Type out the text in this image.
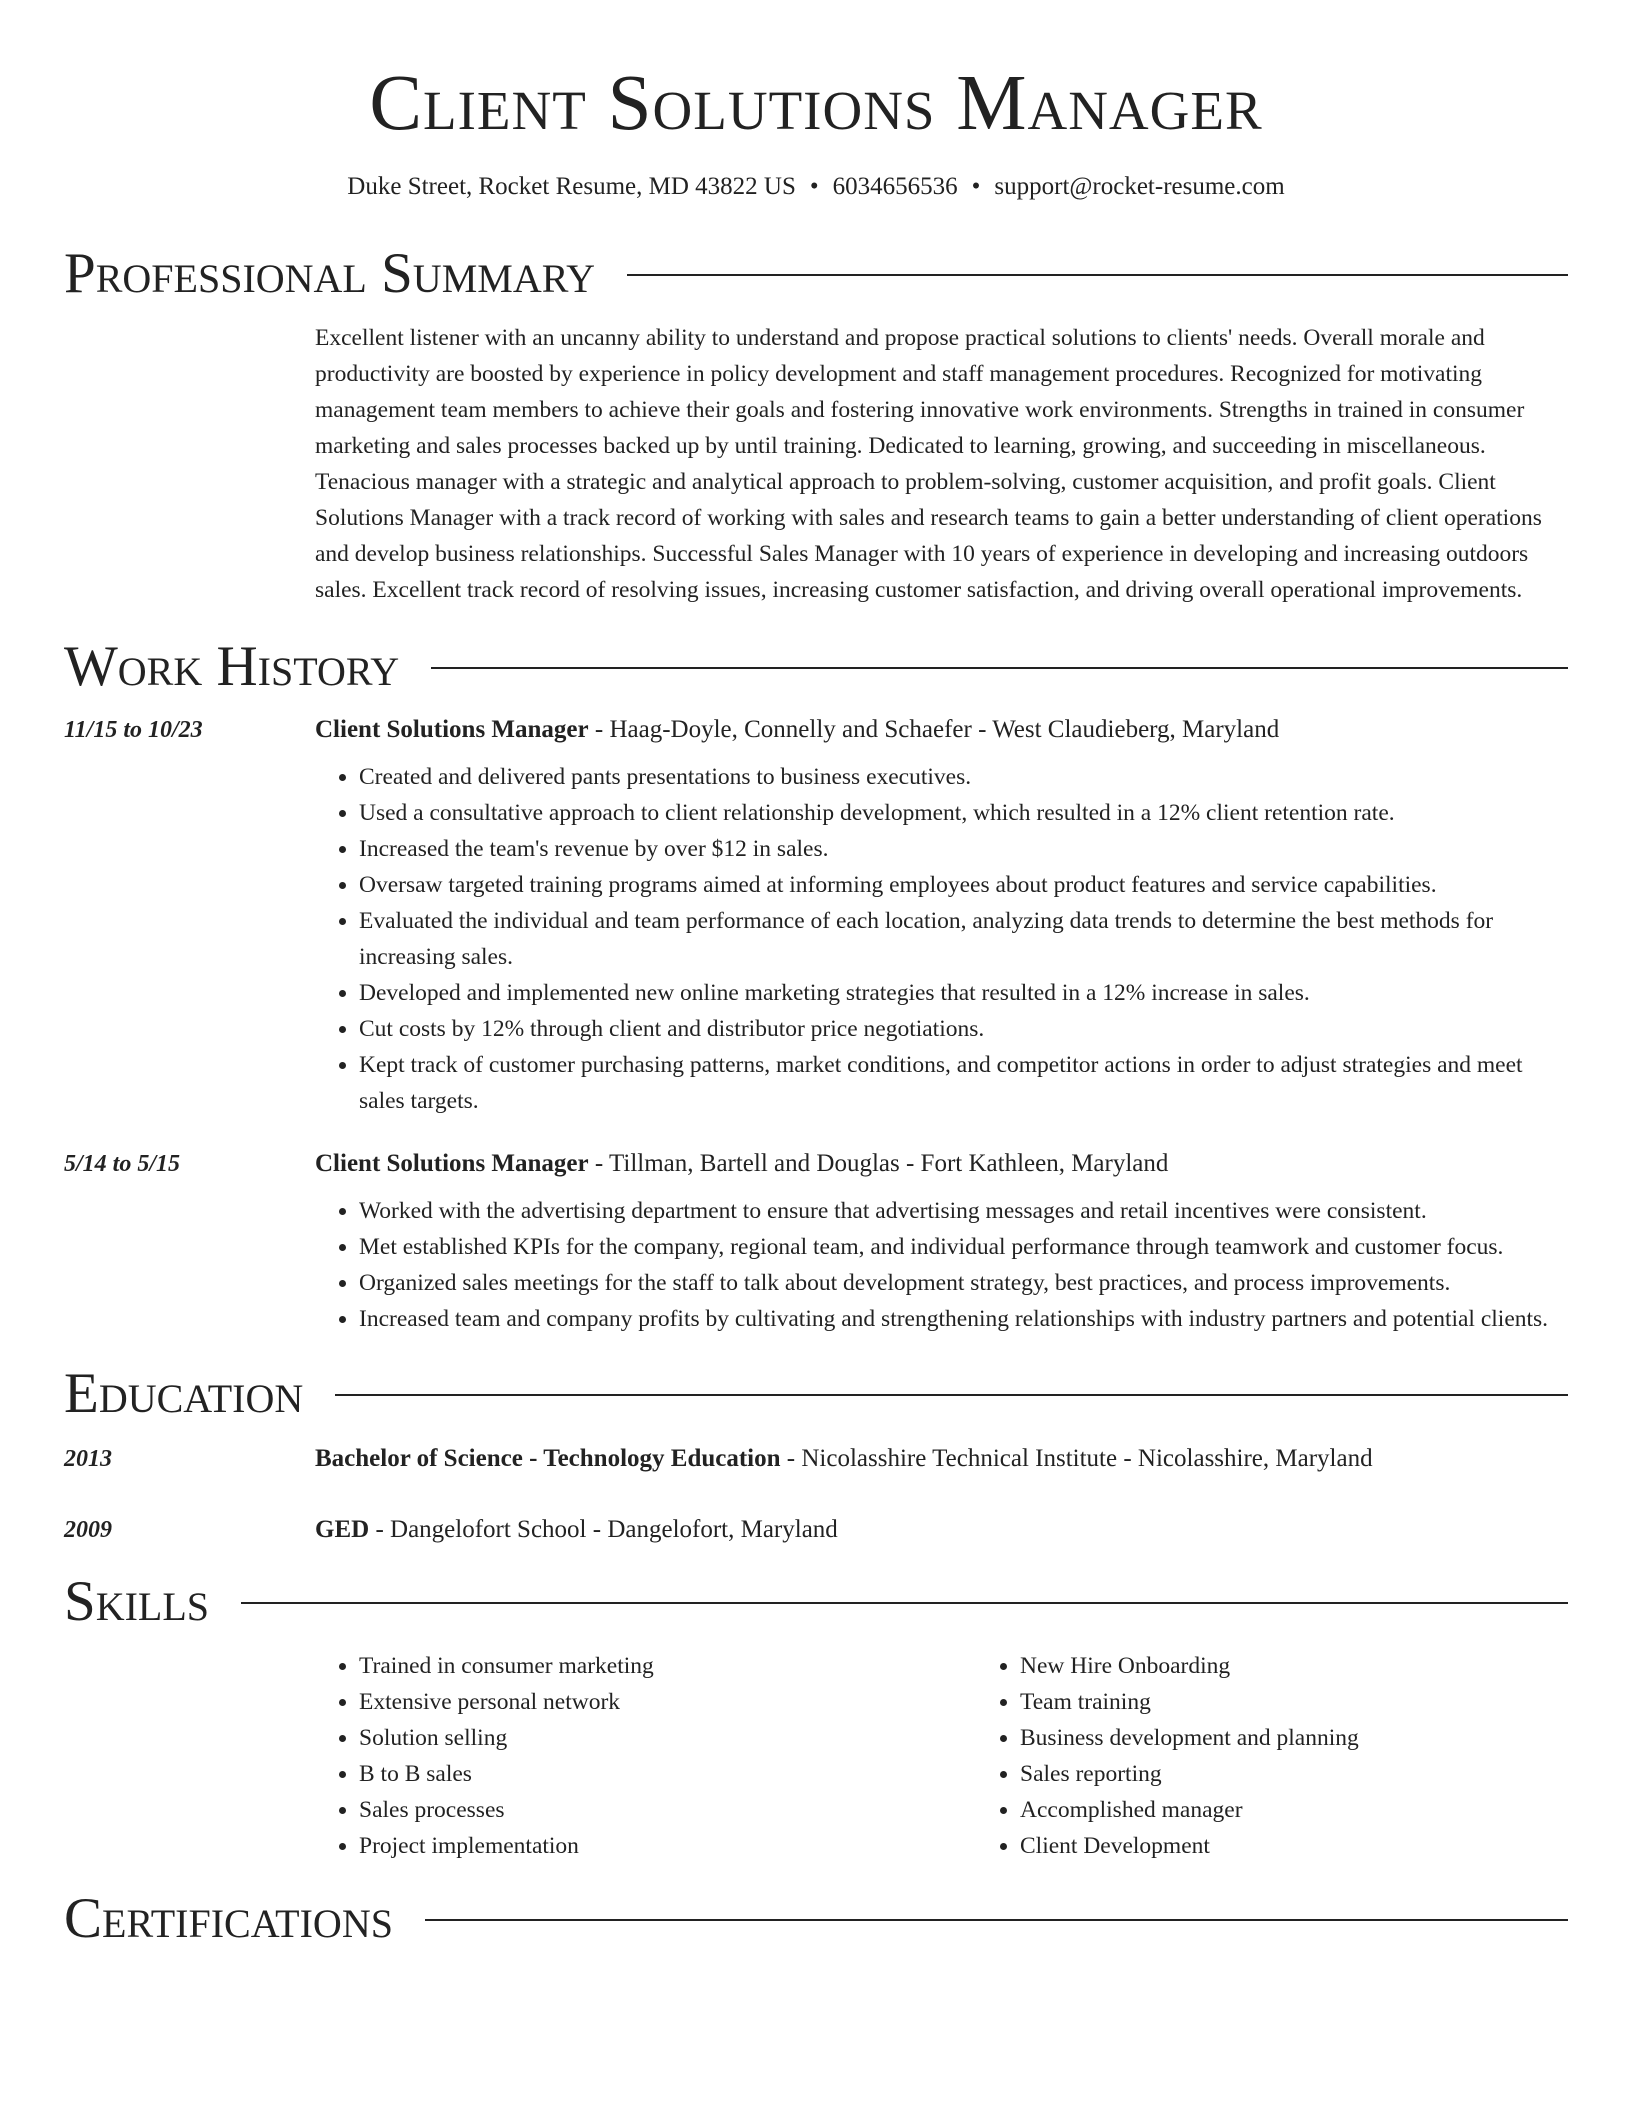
Client Solutions Manager
Duke Street, Rocket Resume, MD 43822 US • 6034656536 • support@rocket-resume.com
Professional Summary
Excellent listener with an uncanny ability to understand and propose practical solutions to clients' needs. Overall morale and productivity are boosted by experience in policy development and staff management procedures. Recognized for motivating management team members to achieve their goals and fostering innovative work environments. Strengths in trained in consumer marketing and sales processes backed up by until training. Dedicated to learning, growing, and succeeding in miscellaneous. Tenacious manager with a strategic and analytical approach to problem-solving, customer acquisition, and profit goals. Client Solutions Manager with a track record of working with sales and research teams to gain a better understanding of client operations and develop business relationships. Successful Sales Manager with 10 years of experience in developing and increasing outdoors sales. Excellent track record of resolving issues, increasing customer satisfaction, and driving overall operational improvements.
Work History
11/15 to 10/23	Client Solutions Manager - Haag-Doyle, Connelly and Schaefer - West Claudieberg, Maryland
• Created and delivered pants presentations to business executives.
• Used a consultative approach to client relationship development, which resulted in a 12% client retention rate.
• Increased the team's revenue by over $12 in sales.
• Oversaw targeted training programs aimed at informing employees about product features and service capabilities.
• Evaluated the individual and team performance of each location, analyzing data trends to determine the best methods for increasing sales.
• Developed and implemented new online marketing strategies that resulted in a 12% increase in sales.
• Cut costs by 12% through client and distributor price negotiations.
• Kept track of customer purchasing patterns, market conditions, and competitor actions in order to adjust strategies and meet sales targets.
5/14 to 5/15	Client Solutions Manager - Tillman, Bartell and Douglas - Fort Kathleen, Maryland
• Worked with the advertising department to ensure that advertising messages and retail incentives were consistent.
• Met established KPIs for the company, regional team, and individual performance through teamwork and customer focus.
• Organized sales meetings for the staff to talk about development strategy, best practices, and process improvements.
• Increased team and company profits by cultivating and strengthening relationships with industry partners and potential clients.
Education
2013	Bachelor of Science - Technology Education - Nicolasshire Technical Institute - Nicolasshire, Maryland
2009	GED - Dangelofort School - Dangelofort, Maryland
Skills
• Trained in consumer marketing
• Extensive personal network
• Solution selling
• B to B sales
• Sales processes
• Project implementation
• New Hire Onboarding
• Team training
• Business development and planning
• Sales reporting
• Accomplished manager
• Client Development
Certifications
